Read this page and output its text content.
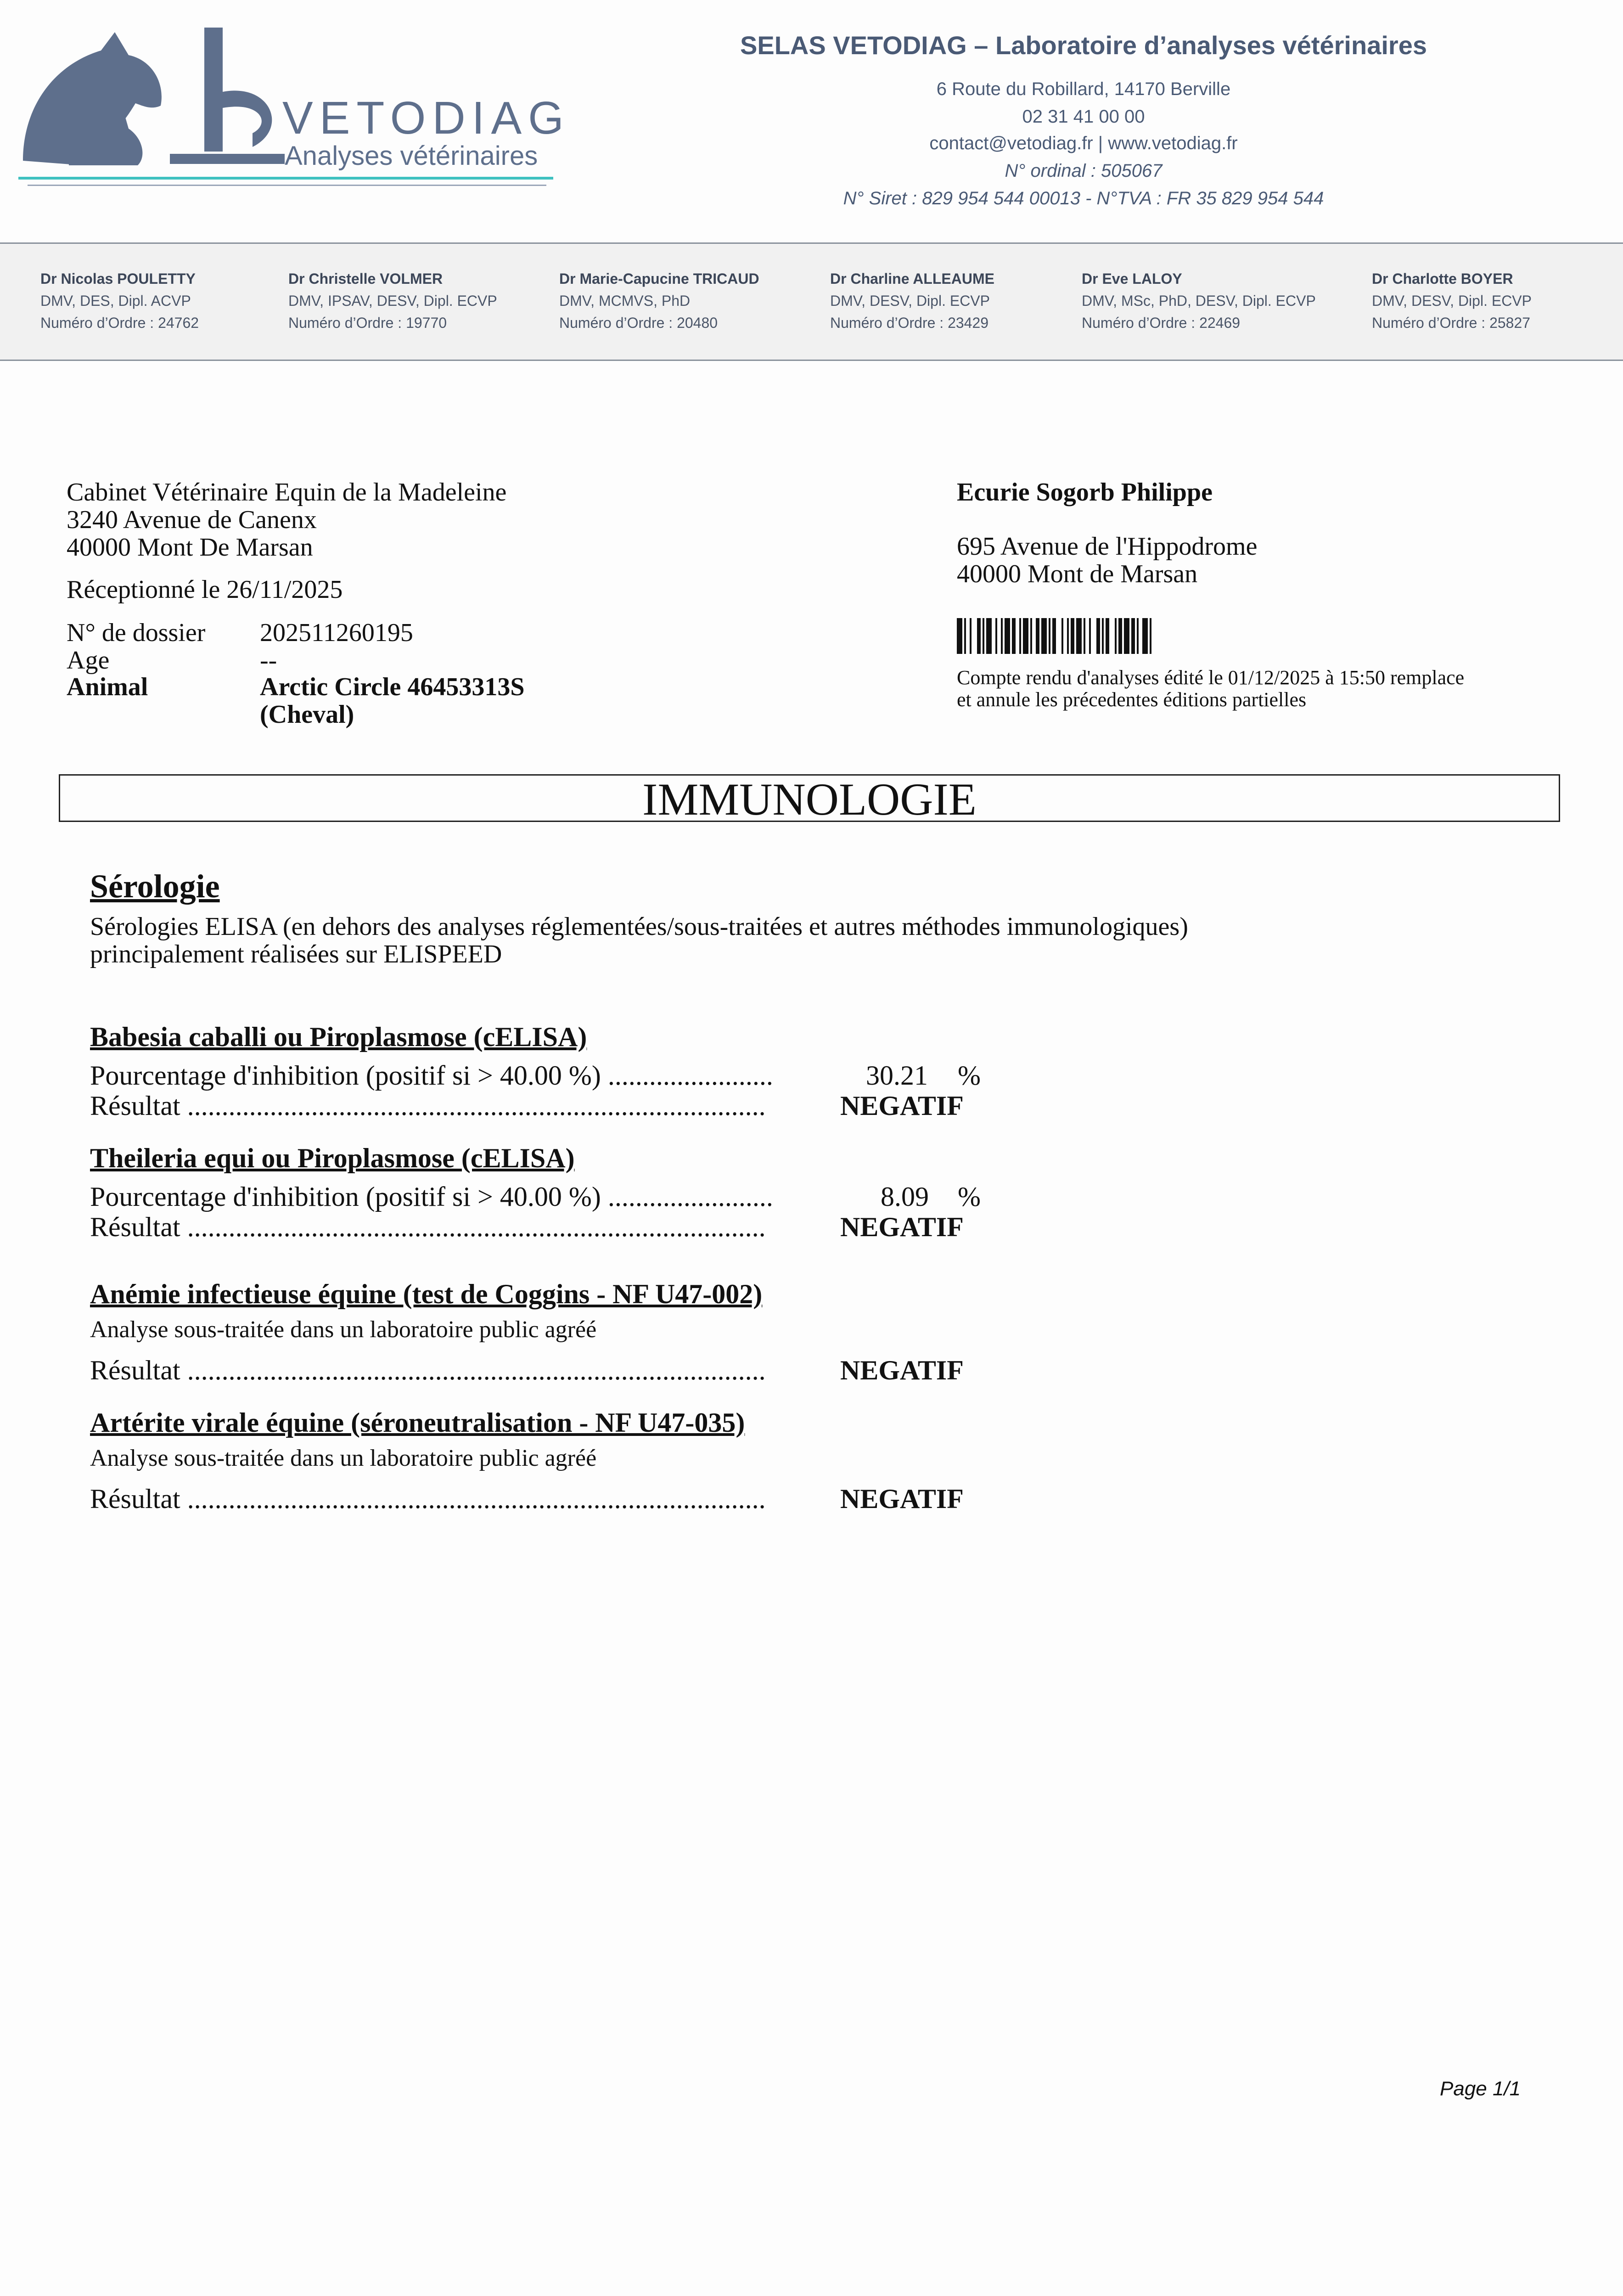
VETODIAG
Analyses vétérinaires
SELAS VETODIAG – Laboratoire d’analyses vétérinaires
6 Route du Robillard, 14170 Berville
02 31 41 00 00
contact@vetodiag.fr | www.vetodiag.fr
N° ordinal : 505067
N° Siret : 829 954 544 00013 - N°TVA : FR 35 829 954 544
Dr Nicolas POULETTY
DMV, DES, Dipl. ACVP
Numéro d’Ordre : 24762
Dr Christelle VOLMER
DMV, IPSAV, DESV, Dipl. ECVP
Numéro d’Ordre : 19770
Dr Marie-Capucine TRICAUD
DMV, MCMVS, PhD
Numéro d’Ordre : 20480
Dr Charline ALLEAUME
DMV, DESV, Dipl. ECVP
Numéro d’Ordre : 23429
Dr Eve LALOY
DMV, MSc, PhD, DESV, Dipl. ECVP
Numéro d’Ordre : 22469
Dr Charlotte BOYER
DMV, DESV, Dipl. ECVP
Numéro d’Ordre : 25827
Cabinet Vétérinaire Equin de la Madeleine
3240 Avenue de Canenx
40000 Mont De Marsan
Réceptionné le 26/11/2025
N° de dossier 202511260195
Age	--
Animal	Arctic Circle 46453313S
(Cheval)
Ecurie Sogorb Philippe
695 Avenue de l'Hippodrome
40000 Mont de Marsan
Compte rendu d'analyses édité le 01/12/2025 à 15:50 remplace
et annule les précedentes éditions partielles
IMMUNOLOGIE
Sérologie
Sérologies ELISA (en dehors des analyses réglementées/sous-traitées et autres méthodes immunologiques)
principalement réalisées sur ELISPEED
Babesia caballi ou Piroplasmose (cELISA)
Pourcentage d'inhibition (positif si > 40.00 %) ........................	30.21 %
Résultat ....................................................................................	NEGATIF
Theileria equi ou Piroplasmose (cELISA)
Pourcentage d'inhibition (positif si > 40.00 %) ........................	8.09 %
Résultat ....................................................................................	NEGATIF
Anémie infectieuse équine (test de Coggins - NF U47-002)
Analyse sous-traitée dans un laboratoire public agréé
Résultat ....................................................................................	NEGATIF
Artérite virale équine (séroneutralisation - NF U47-035)
Analyse sous-traitée dans un laboratoire public agréé
Résultat ....................................................................................	NEGATIF
Page 1/1
